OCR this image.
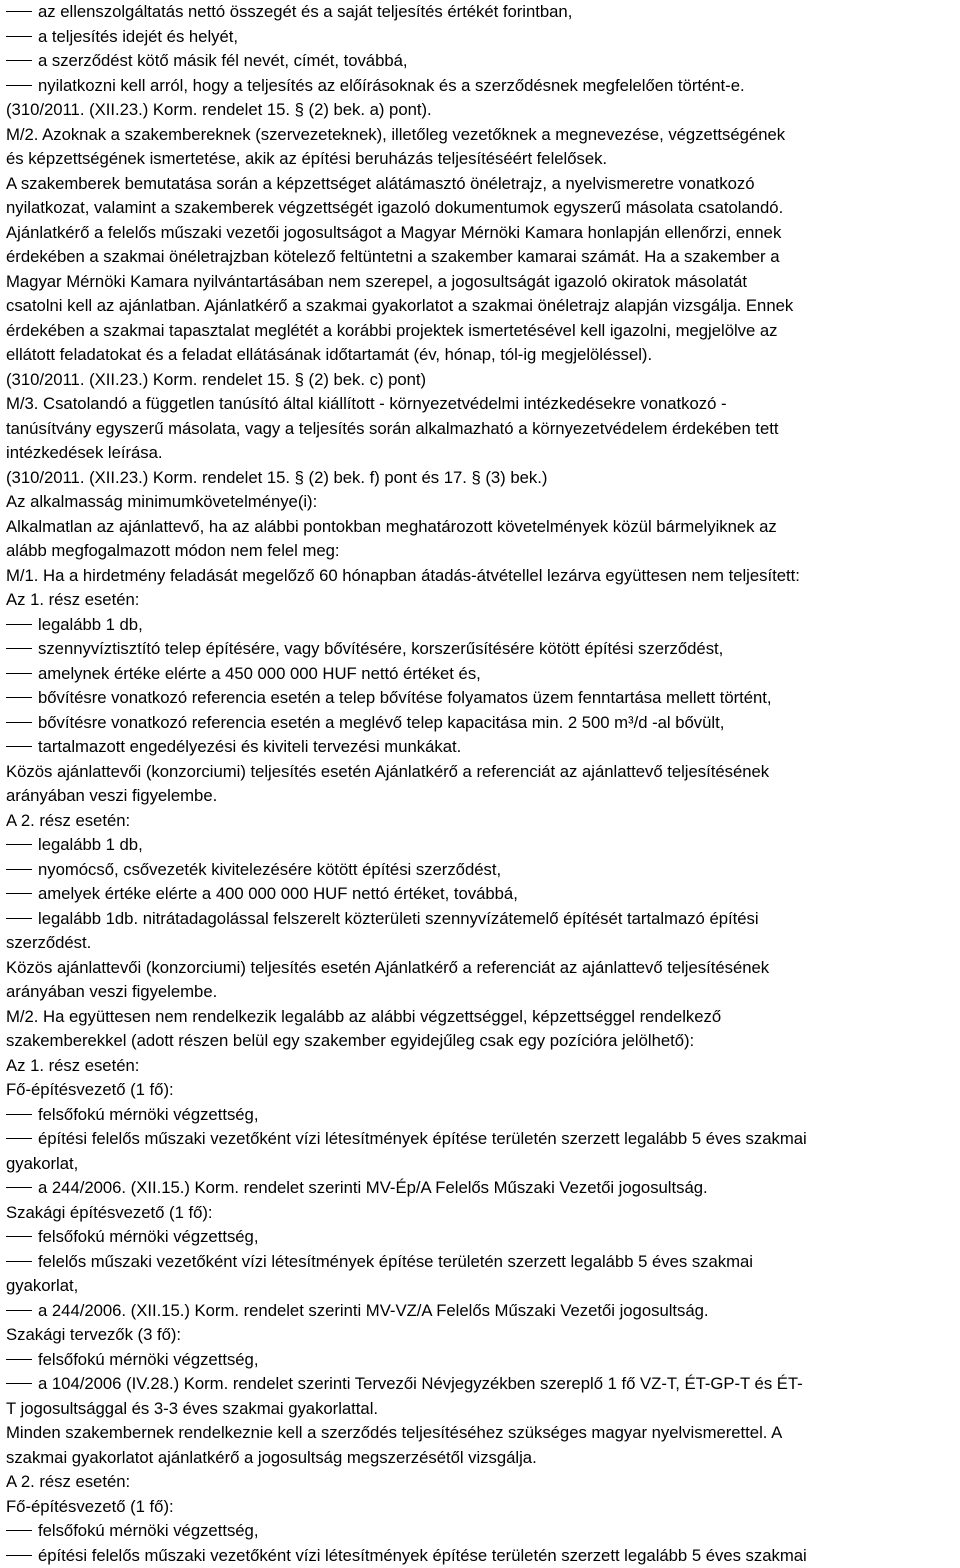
az ellenszolgáltatás nettó összegét és a saját teljesítés értékét forintban,
a teljesítés idejét és helyét,
a szerződést kötő másik fél nevét, címét, továbbá,
nyilatkozni kell arról, hogy a teljesítés az előírásoknak és a szerződésnek megfelelően történt-e.
(310/2011. (XII.23.) Korm. rendelet 15. § (2) bek. a) pont).
M/2. Azoknak a szakembereknek (szervezeteknek), illetőleg vezetőknek a megnevezése, végzettségének
és képzettségének ismertetése, akik az építési beruházás teljesítéséért felelősek.
A szakemberek bemutatása során a képzettséget alátámasztó önéletrajz, a nyelvismeretre vonatkozó
nyilatkozat, valamint a szakemberek végzettségét igazoló dokumentumok egyszerű másolata csatolandó.
Ajánlatkérő a felelős műszaki vezetői jogosultságot a Magyar Mérnöki Kamara honlapján ellenőrzi, ennek
érdekében a szakmai önéletrajzban kötelező feltüntetni a szakember kamarai számát. Ha a szakember a
Magyar Mérnöki Kamara nyilvántartásában nem szerepel, a jogosultságát igazoló okiratok másolatát
csatolni kell az ajánlatban. Ajánlatkérő a szakmai gyakorlatot a szakmai önéletrajz alapján vizsgálja. Ennek
érdekében a szakmai tapasztalat meglétét a korábbi projektek ismertetésével kell igazolni, megjelölve az
ellátott feladatokat és a feladat ellátásának időtartamát (év, hónap, tól-ig megjelöléssel).
(310/2011. (XII.23.) Korm. rendelet 15. § (2) bek. c) pont)
M/3. Csatolandó a független tanúsító által kiállított - környezetvédelmi intézkedésekre vonatkozó -
tanúsítvány egyszerű másolata, vagy a teljesítés során alkalmazható a környezetvédelem érdekében tett
intézkedések leírása.
(310/2011. (XII.23.) Korm. rendelet 15. § (2) bek. f) pont és 17. § (3) bek.)
Az alkalmasság minimumkövetelménye(i):
Alkalmatlan az ajánlattevő, ha az alábbi pontokban meghatározott követelmények közül bármelyiknek az
alább megfogalmazott módon nem felel meg:
M/1. Ha a hirdetmény feladását megelőző 60 hónapban átadás-átvétellel lezárva együttesen nem teljesített:
Az 1. rész esetén:
legalább 1 db,
szennyvíztisztító telep építésére, vagy bővítésére, korszerűsítésére kötött építési szerződést,
amelynek értéke elérte a 450 000 000 HUF nettó értéket és,
bővítésre vonatkozó referencia esetén a telep bővítése folyamatos üzem fenntartása mellett történt,
bővítésre vonatkozó referencia esetén a meglévő telep kapacitása min. 2 500 m³/d -al bővült,
tartalmazott engedélyezési és kiviteli tervezési munkákat.
Közös ajánlattevői (konzorciumi) teljesítés esetén Ajánlatkérő a referenciát az ajánlattevő teljesítésének
arányában veszi figyelembe.
A 2. rész esetén:
legalább 1 db,
nyomócső, csővezeték kivitelezésére kötött építési szerződést,
amelyek értéke elérte a 400 000 000 HUF nettó értéket, továbbá,
legalább 1db. nitrátadagolással felszerelt közterületi szennyvízátemelő építését tartalmazó építési
szerződést.
Közös ajánlattevői (konzorciumi) teljesítés esetén Ajánlatkérő a referenciát az ajánlattevő teljesítésének
arányában veszi figyelembe.
M/2. Ha együttesen nem rendelkezik legalább az alábbi végzettséggel, képzettséggel rendelkező
szakemberekkel (adott részen belül egy szakember egyidejűleg csak egy pozícióra jelölhető):
Az 1. rész esetén:
Fő-építésvezető (1 fő):
felsőfokú mérnöki végzettség,
építési felelős műszaki vezetőként vízi létesítmények építése területén szerzett legalább 5 éves szakmai
gyakorlat,
a 244/2006. (XII.15.) Korm. rendelet szerinti MV-Ép/A Felelős Műszaki Vezetői jogosultság.
Szakági építésvezető (1 fő):
felsőfokú mérnöki végzettség,
felelős műszaki vezetőként vízi létesítmények építése területén szerzett legalább 5 éves szakmai
gyakorlat,
a 244/2006. (XII.15.) Korm. rendelet szerinti MV-VZ/A Felelős Műszaki Vezetői jogosultság.
Szakági tervezők (3 fő):
felsőfokú mérnöki végzettség,
a 104/2006 (IV.28.) Korm. rendelet szerinti Tervezői Névjegyzékben szereplő 1 fő VZ-T, ÉT-GP-T és ÉT-
T jogosultsággal és 3-3 éves szakmai gyakorlattal.
Minden szakembernek rendelkeznie kell a szerződés teljesítéséhez szükséges magyar nyelvismerettel. A
szakmai gyakorlatot ajánlatkérő a jogosultság megszerzésétől vizsgálja.
A 2. rész esetén:
Fő-építésvezető (1 fő):
felsőfokú mérnöki végzettség,
építési felelős műszaki vezetőként vízi létesítmények építése területén szerzett legalább 5 éves szakmai
